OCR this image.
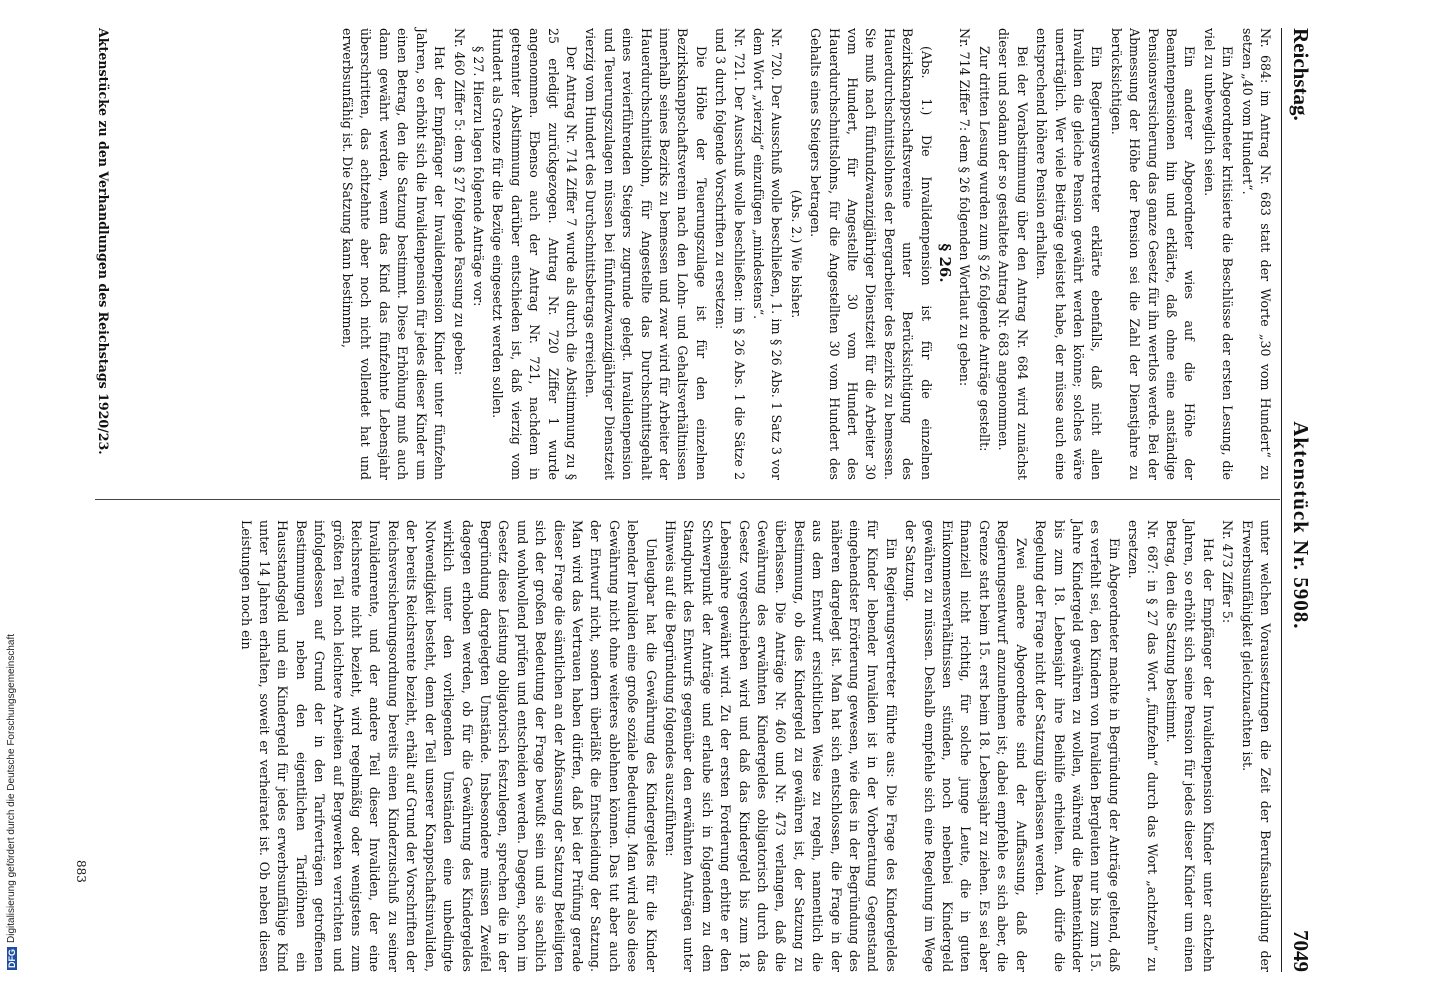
Reichstag.
Aktenstück Nr. 5908.
7049

Nr. 684: im Antrag Nr. 683 statt der Worte „30 vom Hundert“ zu setzen „40 vom Hundert“.

Ein Abgeordneter kritisierte die Beschlüsse der ersten Lesung, die viel zu unbeweglich seien.

Ein anderer Abgeordneter wies auf die Höhe der Beamtenpensionen hin und erklärte, daß ohne eine anständige Pensionsversicherung das ganze Gesetz für ihn wertlos werde. Bei der Abmessung der Höhe der Pension sei die Zahl der Dienstjahre zu berücksichtigen.

Ein Regierungsvertreter erklärte ebenfalls, daß nicht allen Invaliden die gleiche Pension gewährt werden könne; solches wäre unerträglich. Wer viele Beiträge geleistet habe, der müsse auch eine entsprechend höhere Pension erhalten.

Bei der Vorabstimmung über den Antrag Nr. 684 wird zunächst dieser und sodann der so gestaltete Antrag Nr. 683 angenommen.

Zur dritten Lesung wurden zum § 26 folgende Anträge gestellt:

Nr. 714 Ziffer 7: dem § 26 folgenden Wortlaut zu geben:

§ 26.

(Abs. 1.) Die Invalidenpension ist für die einzelnen Bezirksknappschaftsvereine unter Berücksichtigung des Hauerdurchschnittslohnes der Bergarbeiter des Bezirks zu bemessen. Sie muß nach fünfundzwanzigjähriger Dienstzeit für die Arbeiter 30 vom Hundert, für Angestellte 30 vom Hundert des Hauerdurchschnittslohns, für die Angestellten 30 vom Hundert des Gehalts eines Steigers betragen.

(Abs. 2.) Wie bisher.

Nr. 720. Der Ausschuß wolle beschließen, 1. im § 26 Abs. 1 Satz 3 vor dem Wort „vierzig“ einzufügen „mindestens“.

Nr. 721. Der Ausschuß wolle beschließen: im § 26 Abs. 1 die Sätze 2 und 3 durch folgende Vorschriften zu ersetzen:

Die Höhe der Teuerungszulage ist für den einzelnen Bezirksknappschaftsverein nach den Lohn- und Gehaltsverhältnissen innerhalb seines Bezirks zu bemessen und zwar wird für Arbeiter der Hauerdurchschnittslohn, für Angestellte das Durchschnittsgehalt eines revierführenden Steigers zugrunde gelegt. Invalidenpension und Teuerungszulagen müssen bei fünfundzwanzigjähriger Dienstzeit vierzig vom Hundert des Durchschnittsbetrags erreichen.

Der Antrag Nr. 714 Ziffer 7 wurde als durch die Abstimmung zu § 25 erledigt zurückgezogen. Antrag Nr. 720 Ziffer 1 wurde angenommen. Ebenso auch der Antrag Nr. 721, nachdem in getrennter Abstimmung darüber entschieden ist, daß vierzig vom Hundert als Grenze für die Bezüge eingesetzt werden sollen.

§ 27. Hierzu lagen folgende Anträge vor:

Nr. 460 Ziffer 5: dem § 27 folgende Fassung zu geben:

Hat der Empfänger der Invalidenpension Kinder unter fünfzehn Jahren, so erhöht sich die Invalidenpension für jedes dieser Kinder um einen Betrag, den die Satzung bestimmt. Diese Erhöhung muß auch dann gewährt werden, wenn das Kind das fünfzehnte Lebensjahr überschritten, das achtzehnte aber noch nicht vollendet hat und erwerbsunfähig ist. Die Satzung kann bestimmen,

unter welchen Voraussetzungen die Zeit der Berufsausbildung der Erwerbsunfähigkeit gleichzuachten ist.

Nr. 473 Ziffer 5:

Hat der Empfänger der Invalidenpension Kinder unter achtzehn Jahren, so erhöht sich seine Pension für jedes dieser Kinder um einen Betrag, den die Satzung bestimmt.

Nr. 687: in § 27 das Wort „fünfzehn“ durch das Wort „achtzehn“ zu ersetzen.

Ein Abgeordneter machte in Begründung der Anträge geltend, daß es verfehlt sei, den Kindern von Invaliden Bergleuten nur bis zum 15. Jahre Kindergeld gewähren zu wollen, während die Beamtenkinder bis zum 18. Lebensjahr ihre Beihilfe erhielten. Auch dürfe die Regelung der Frage nicht der Satzung überlassen werden.

Zwei andere Abgeordnete sind der Auffassung, daß der Regierungsentwurf anzunehmen ist; dabei empfehle es sich aber, die Grenze statt beim 15. erst beim 18. Lebensjahr zu ziehen. Es sei aber finanziell nicht richtig, für solche junge Leute, die in guten Einkommensverhältnissen stünden, noch nebenbei Kindergeld gewähren zu müssen. Deshalb empfehle sich eine Regelung im Wege der Satzung.

Ein Regierungsvertreter führte aus: Die Frage des Kindergeldes für Kinder lebender Invaliden ist in der Vorberatung Gegenstand eingehendster Erörterung gewesen, wie dies in der Begründung des näheren dargelegt ist. Man hat sich entschlossen, die Frage in der aus dem Entwurf ersichtlichen Weise zu regeln, namentlich die Bestimmung, ob dies Kindergeld zu gewähren ist, der Satzung zu überlassen. Die Anträge Nr. 460 und Nr. 473 verlangen, daß die Gewährung des erwähnten Kindergeldes obligatorisch durch das Gesetz vorgeschrieben wird und daß das Kindergeld bis zum 18. Lebensjahre gewährt wird. Zu der ersten Forderung erbitte er den Schwerpunkt der Anträge und erlaube sich in folgendem zu dem Standpunkt des Entwurfs gegenüber den erwähnten Anträgen unter Hinweis auf die Begründung folgendes auszuführen:

Unleugbar hat die Gewährung des Kindergeldes für die Kinder lebender Invaliden eine große soziale Bedeutung. Man wird also diese Gewährung nicht ohne weiteres ablehnen können. Das tut aber auch der Entwurf nicht, sondern überläßt die Entscheidung der Satzung. Man wird das Vertrauen haben dürfen, daß bei der Prüfung gerade dieser Frage die sämtlichen an der Abfassung der Satzung Beteiligten sich der großen Bedeutung der Frage bewußt sein und sie sachlich und wohlwollend prüfen und entscheiden werden. Dagegen, schon im Gesetz diese Leistung obligatorisch festzulegen, sprechen die in der Begründung dargelegten Umstände. Insbesondere müssen Zweifel dagegen erhoben werden, ob für die Gewährung des Kindergeldes wirklich unter den vorliegenden Umständen eine unbedingte Notwendigkeit besteht, denn der Teil unserer Knappschaftsinvaliden, der bereits Reichsrente bezieht, erhält auf Grund der Vorschriften der Reichsversicherungsordnung bereits einen Kinderzuschuß zu seiner Invalidenrente, und der andere Teil dieser Invaliden, der eine Reichsrente nicht bezieht, wird regelmäßig oder wenigstens zum größten Teil noch leichtere Arbeiten auf Bergwerken verrichten und infolgedessen auf Grund der in den Tarifverträgen getroffenen Bestimmungen neben den eigentlichen Tariflöhnen ein Hausstandsgeld und ein Kindergeld für jedes erwerbsunfähige Kind unter 14 Jahren erhalten, soweit er verheiratet ist. Ob neben diesen Leistungen noch ein

Aktenstücke zu den Verhandlungen des Reichstags 1920/23.
883
DFG
Digitalisierung gefördert durch die Deutsche Forschungsgemeinschaft
